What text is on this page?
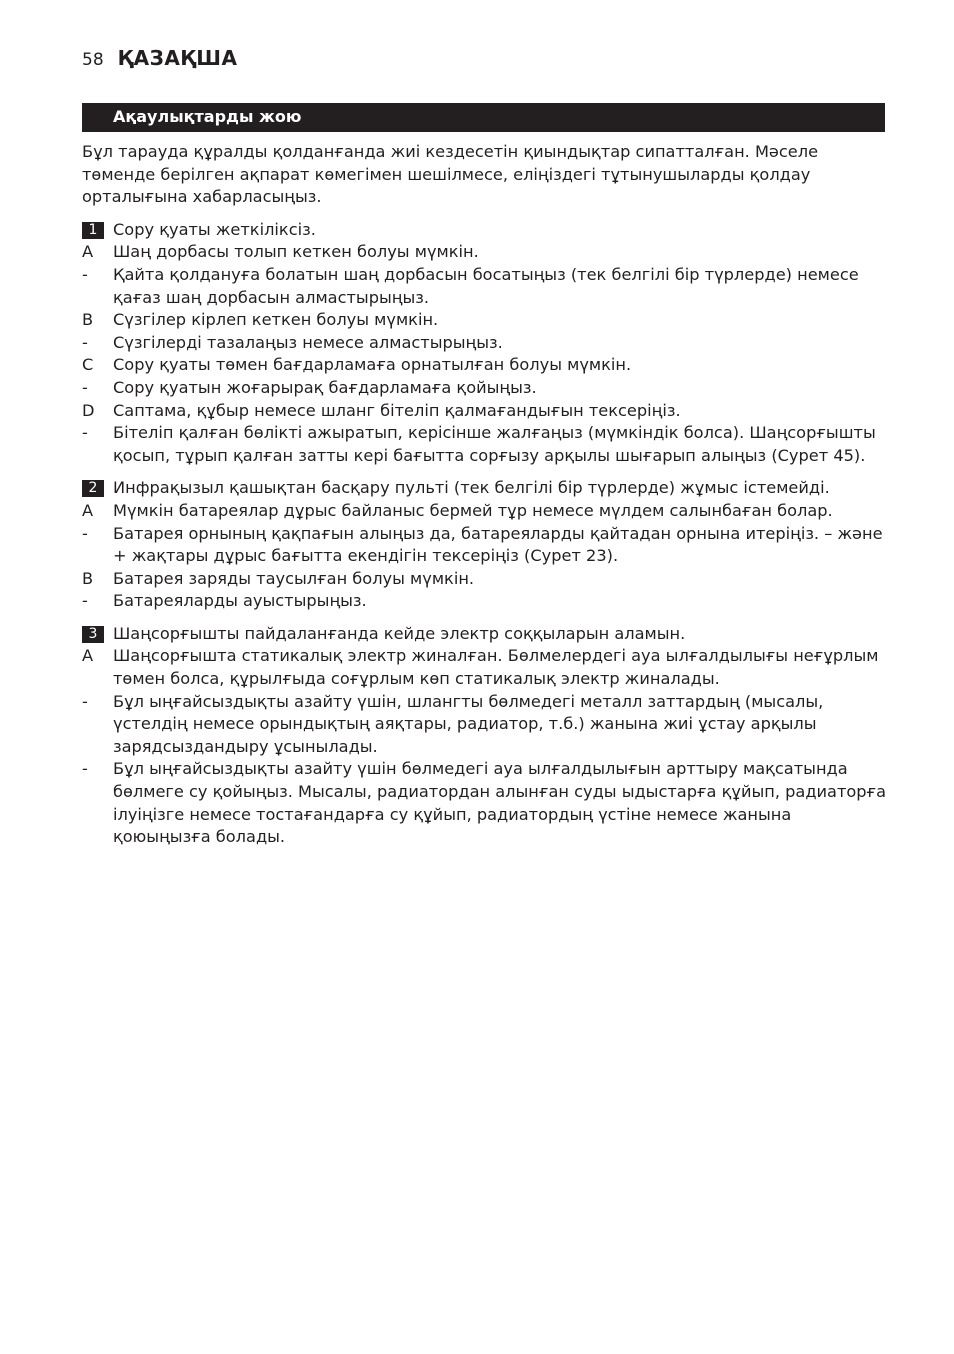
58 ҚАЗАҚША
Ақаулықтарды жою

Бұл тарауда құралды қолданғанда жиі кездесетін қиындықтар сипатталған. Мәселе төменде берілген ақпарат көмегімен шешілмесе, еліңіздегі тұтынушыларды қолдау орталығына хабарласыңыз.

1 Сору қуаты жеткіліксіз.
A	Шаң дорбасы толып кеткен болуы мүмкін.
-	Қайта қолдануға болатын шаң дорбасын босатыңыз (тек белгілі бір түрлерде) немесе қағаз шаң дорбасын алмастырыңыз.
B	Сүзгілер кірлеп кеткен болуы мүмкін.
-	Сүзгілерді тазалаңыз немесе алмастырыңыз.
C	Сору қуаты төмен бағдарламаға орнатылған болуы мүмкін.
-	Сору қуатын жоғарырақ бағдарламаға қойыңыз.
D	Саптама, құбыр немесе шланг бітеліп қалмағандығын тексеріңіз.
-	Бітеліп қалған бөлікті ажыратып, керісінше жалғаңыз (мүмкіндік болса). Шаңсорғышты қосып, тұрып қалған затты кері бағытта сорғызу арқылы шығарып алыңыз (Сурет 45).
2 Инфрақызыл қашықтан басқару пульті (тек белгілі бір түрлерде) жұмыс істемейді.
A	Мүмкін батареялар дұрыс байланыс бермей тұр немесе мүлдем салынбаған болар.
-	Батарея орнының қақпағын алыңыз да, батареяларды қайтадан орнына итеріңіз. – және + жақтары дұрыс бағытта екендігін тексеріңіз (Сурет 23).
B	Батарея заряды таусылған болуы мүмкін.
-	Батареяларды ауыстырыңыз.
3 Шаңсорғышты пайдаланғанда кейде электр соққыларын аламын.
A	Шаңсорғышта статикалық электр жиналған. Бөлмелердегі ауа ылғалдылығы неғұрлым төмен болса, құрылғыда соғұрлым көп статикалық электр жиналады.
-	Бұл ыңғайсыздықты азайту үшін, шлангты бөлмедегі металл заттардың (мысалы, үстелдің немесе орындықтың аяқтары, радиатор, т.б.) жанына жиі ұстау арқылы зарядсыздандыру ұсынылады.
-	Бұл ыңғайсыздықты азайту үшін бөлмедегі ауа ылғалдылығын арттыру мақсатында бөлмеге су қойыңыз. Мысалы, радиатордан алынған суды ыдыстарға құйып, радиаторға ілуіңізге немесе тостағандарға су құйып, радиатордың үстіне немесе жанына қоюыңызға болады.
